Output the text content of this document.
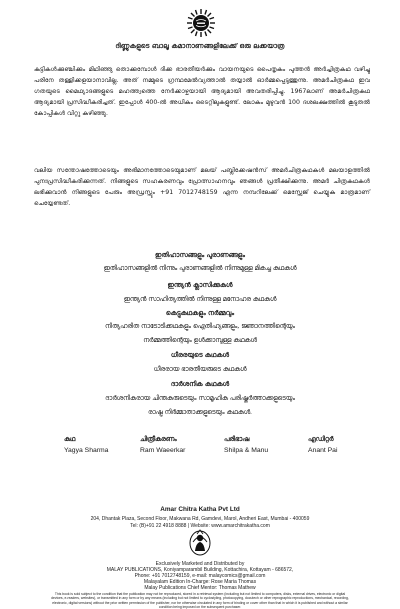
ദിണ്ണുകളുടെ ബാലൂ കമാനാണങ്ങളിലേക്ക് ഒരു ലക്കയാത്ര
കുട്ടികൾക്കുഞ്ചിക്കും മിഥിഞ്ഞു തൊക്കുമ്പോൾ ദിക്ക ഭാരതീയർക്കും വായനയുടെ പൈതൃകം പുത്തൻ അർച്ചിത്രകഥ വഴിച്ചു പരിനേ തള്ളിക്കളയാനാവില്ല. അത് നമ്മുടെ ഗ്രന്ഥമേൽവ്യത്താൽ തയ്യാൽ ഓർമ്മപ്പെടുത്തുന്നു. അമർചിത്രകഥ ഇവ ഗതയുടെ മൈഥ്യാദങ്ങളുടെ മഹത്ത്വത്തെ നേർക്കാഴ്ചയായി ആദ്യമായി അവതരിപ്പിച്ചു. 1967ലാണ് അമർചിത്രകഥ ആദ്യമായി പ്രസിദ്ധീകരിച്ചത്. ഇപ്പോൾ 400-ൽ അധികം ടൈറ്റിലുകളുണ്ട്. ലോകം മുഴുവൻ 100 ദശലക്ഷത്തിൽ കൂടുതൽ കോപ്പികൾ വിറ്റു കഴിഞ്ഞു.
വലിയ സന്തോഷത്തോടെയും അഭിമാനത്തോടെയുമാണ് മലയ് പബ്ലിക്കേഷൻസ് അമർചിത്രകഥകൾ മലയാളത്തിൽ പുനഃപ്രസിദ്ധീകരിക്കുന്നത്. നിങ്ങളുടെ സഹകരണവും പ്രോത്സാഹനവും ഞങ്ങൾ പ്രതീക്ഷിക്കുന്നു. അമർ ചിത്രകഥകൾ ലഭിക്കുവാൻ നിങ്ങളുടെ പേരും അഡ്രസ്സും +91 7012748159 എന്ന നമ്പറിലേക്ക് മെസ്സേജ് ചെയ്യുക മാത്രമാണ് ചെയ്യേണ്ടത്.
ഇതിഹാസങ്ങളും പുരാണങ്ങളും
ഇതിഹാസങ്ങളിൽ നിന്നും പുരാണങ്ങളിൽ നിന്നുമുള്ള മികച്ച കഥകൾ
ഇന്ത്യൻ ക്ലാസിക്കുകൾ
ഇന്ത്യൻ സാഹിത്യത്തിൽ നിന്നുള്ള മനോഹര കഥകൾ
കെട്ടുകഥകളും നർമ്മവും
നിത്യഹരിത നാടോടിക്കഥകളും ഐതിഹ്യങ്ങളും, ജ്ഞാനത്തിന്റെയും
നർമ്മത്തിന്റെയും ഉൾക്കാമ്പുള്ള കഥകൾ
ധീരരയുടെ കഥകൾ
ധീരരായ ഭാരതീയരുടെ കഥകൾ
ദാർശനിക കഥകൾ
ദാർശനികരായ ചിന്തകരുടെയും സാമൂഹിക പരിഷ്കർത്താക്കളുടെയും
രാഷ്ട്ര നിർമ്മാതാക്കളുടെയും കഥകൾ.
കഥ
Yagya Sharma
ചിത്രീകരണം
Ram Waeerkar
പരിഭാഷ
Shilpa & Manu
എഡിറ്റർ
Anant Pai
Amar Chitra Katha Pvt Ltd
204, Dhantak Plaza, Second Floor, Makwana Rd, Gamdevi, Marol, Andheri East, Mumbai - 400059
Tel: (B)+91 22 4918 8888 | Website: www.amarchitrakatha.com
Exclusively Marketed and Distributed by
MALAY PUBLICATIONS, Koniyamparambil Building, Kottachira, Kottayam - 686572,
Phone: +91 7012748159, e-mail: malaycomics@gmail.com
Malayalam Edition In-Charge: Rose Maria Thomas
Malay Publications Chief Mentor: Thomas Mathew
This book is sold subject to the condition that the publication may not be reproduced, stored in a retrieval system (including but not limited to computers, disks, external drives, electronic or digital devices, e-readers, websites), or transmitted in any form or by any means (including but not limited to cyclostyling, photocopying, docutech or other reprographic reproductions, mechanical, recording, electronic, digital versions) without the prior written permission of the publisher, nor be otherwise circulated in any form of binding or cover other than that in which it is published and without a similar condition being imposed on the subsequent purchaser.
